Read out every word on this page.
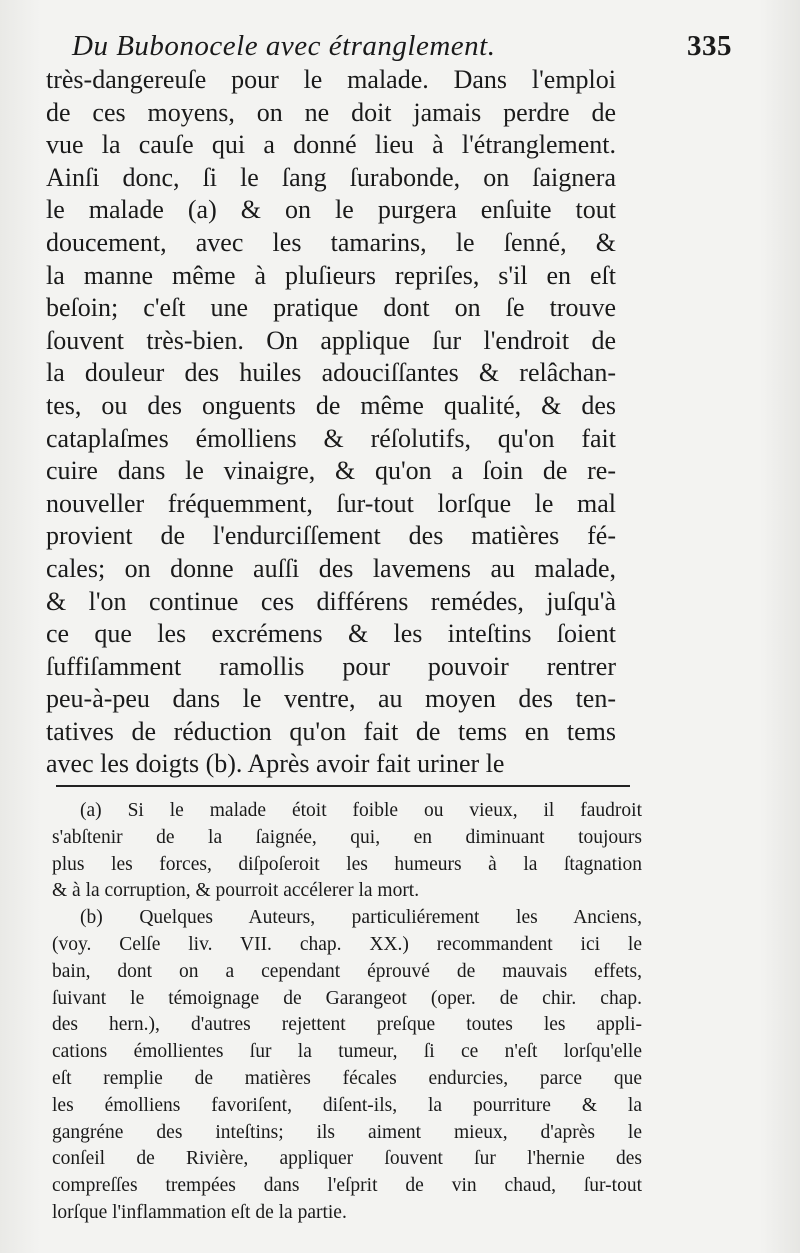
Du Bubonocele avec étranglement.	335
très-dangereuſe pour le malade. Dans l'emploi
de ces moyens, on ne doit jamais perdre de
vue la cauſe qui a donné lieu à l'étranglement.
Ainſi donc, ſi le ſang ſurabonde, on ſaignera
le malade (a) & on le purgera enſuite tout
doucement, avec les tamarins, le ſenné, &
la manne même à pluſieurs repriſes, s'il en eſt
beſoin; c'eſt une pratique dont on ſe trouve
ſouvent très-bien. On applique ſur l'endroit de
la douleur des huiles adouciſſantes & relâchan-
tes, ou des onguents de même qualité, & des
cataplaſmes émolliens & réſolutifs, qu'on fait
cuire dans le vinaigre, & qu'on a ſoin de re-
nouveller fréquemment, ſur-tout lorſque le mal
provient de l'endurciſſement des matières fé-
cales; on donne auſſi des lavemens au malade,
& l'on continue ces différens remédes, juſqu'à
ce que les excrémens & les inteſtins ſoient
ſuffiſamment ramollis pour pouvoir rentrer
peu-à-peu dans le ventre, au moyen des ten-
tatives de réduction qu'on fait de tems en tems
avec les doigts (b). Après avoir fait uriner le
(a) Si le malade étoit foible ou vieux, il faudroit
s'abſtenir de la ſaignée, qui, en diminuant toujours
plus les forces, diſpoſeroit les humeurs à la ſtagnation
& à la corruption, & pourroit accélerer la mort.
(b) Quelques Auteurs, particuliérement les Anciens,
(voy. Celſe liv. VII. chap. XX.) recommandent ici le
bain, dont on a cependant éprouvé de mauvais effets,
ſuivant le témoignage de Garangeot (oper. de chir. chap.
des hern.), d'autres rejettent preſque toutes les appli-
cations émollientes ſur la tumeur, ſi ce n'eſt lorſqu'elle
eſt remplie de matières fécales endurcies, parce que
les émolliens favoriſent, diſent-ils, la pourriture & la
gangréne des inteſtins; ils aiment mieux, d'après le
conſeil de Rivière, appliquer ſouvent ſur l'hernie des
compreſſes trempées dans l'eſprit de vin chaud, ſur-tout
lorſque l'inflammation eſt de la partie.
